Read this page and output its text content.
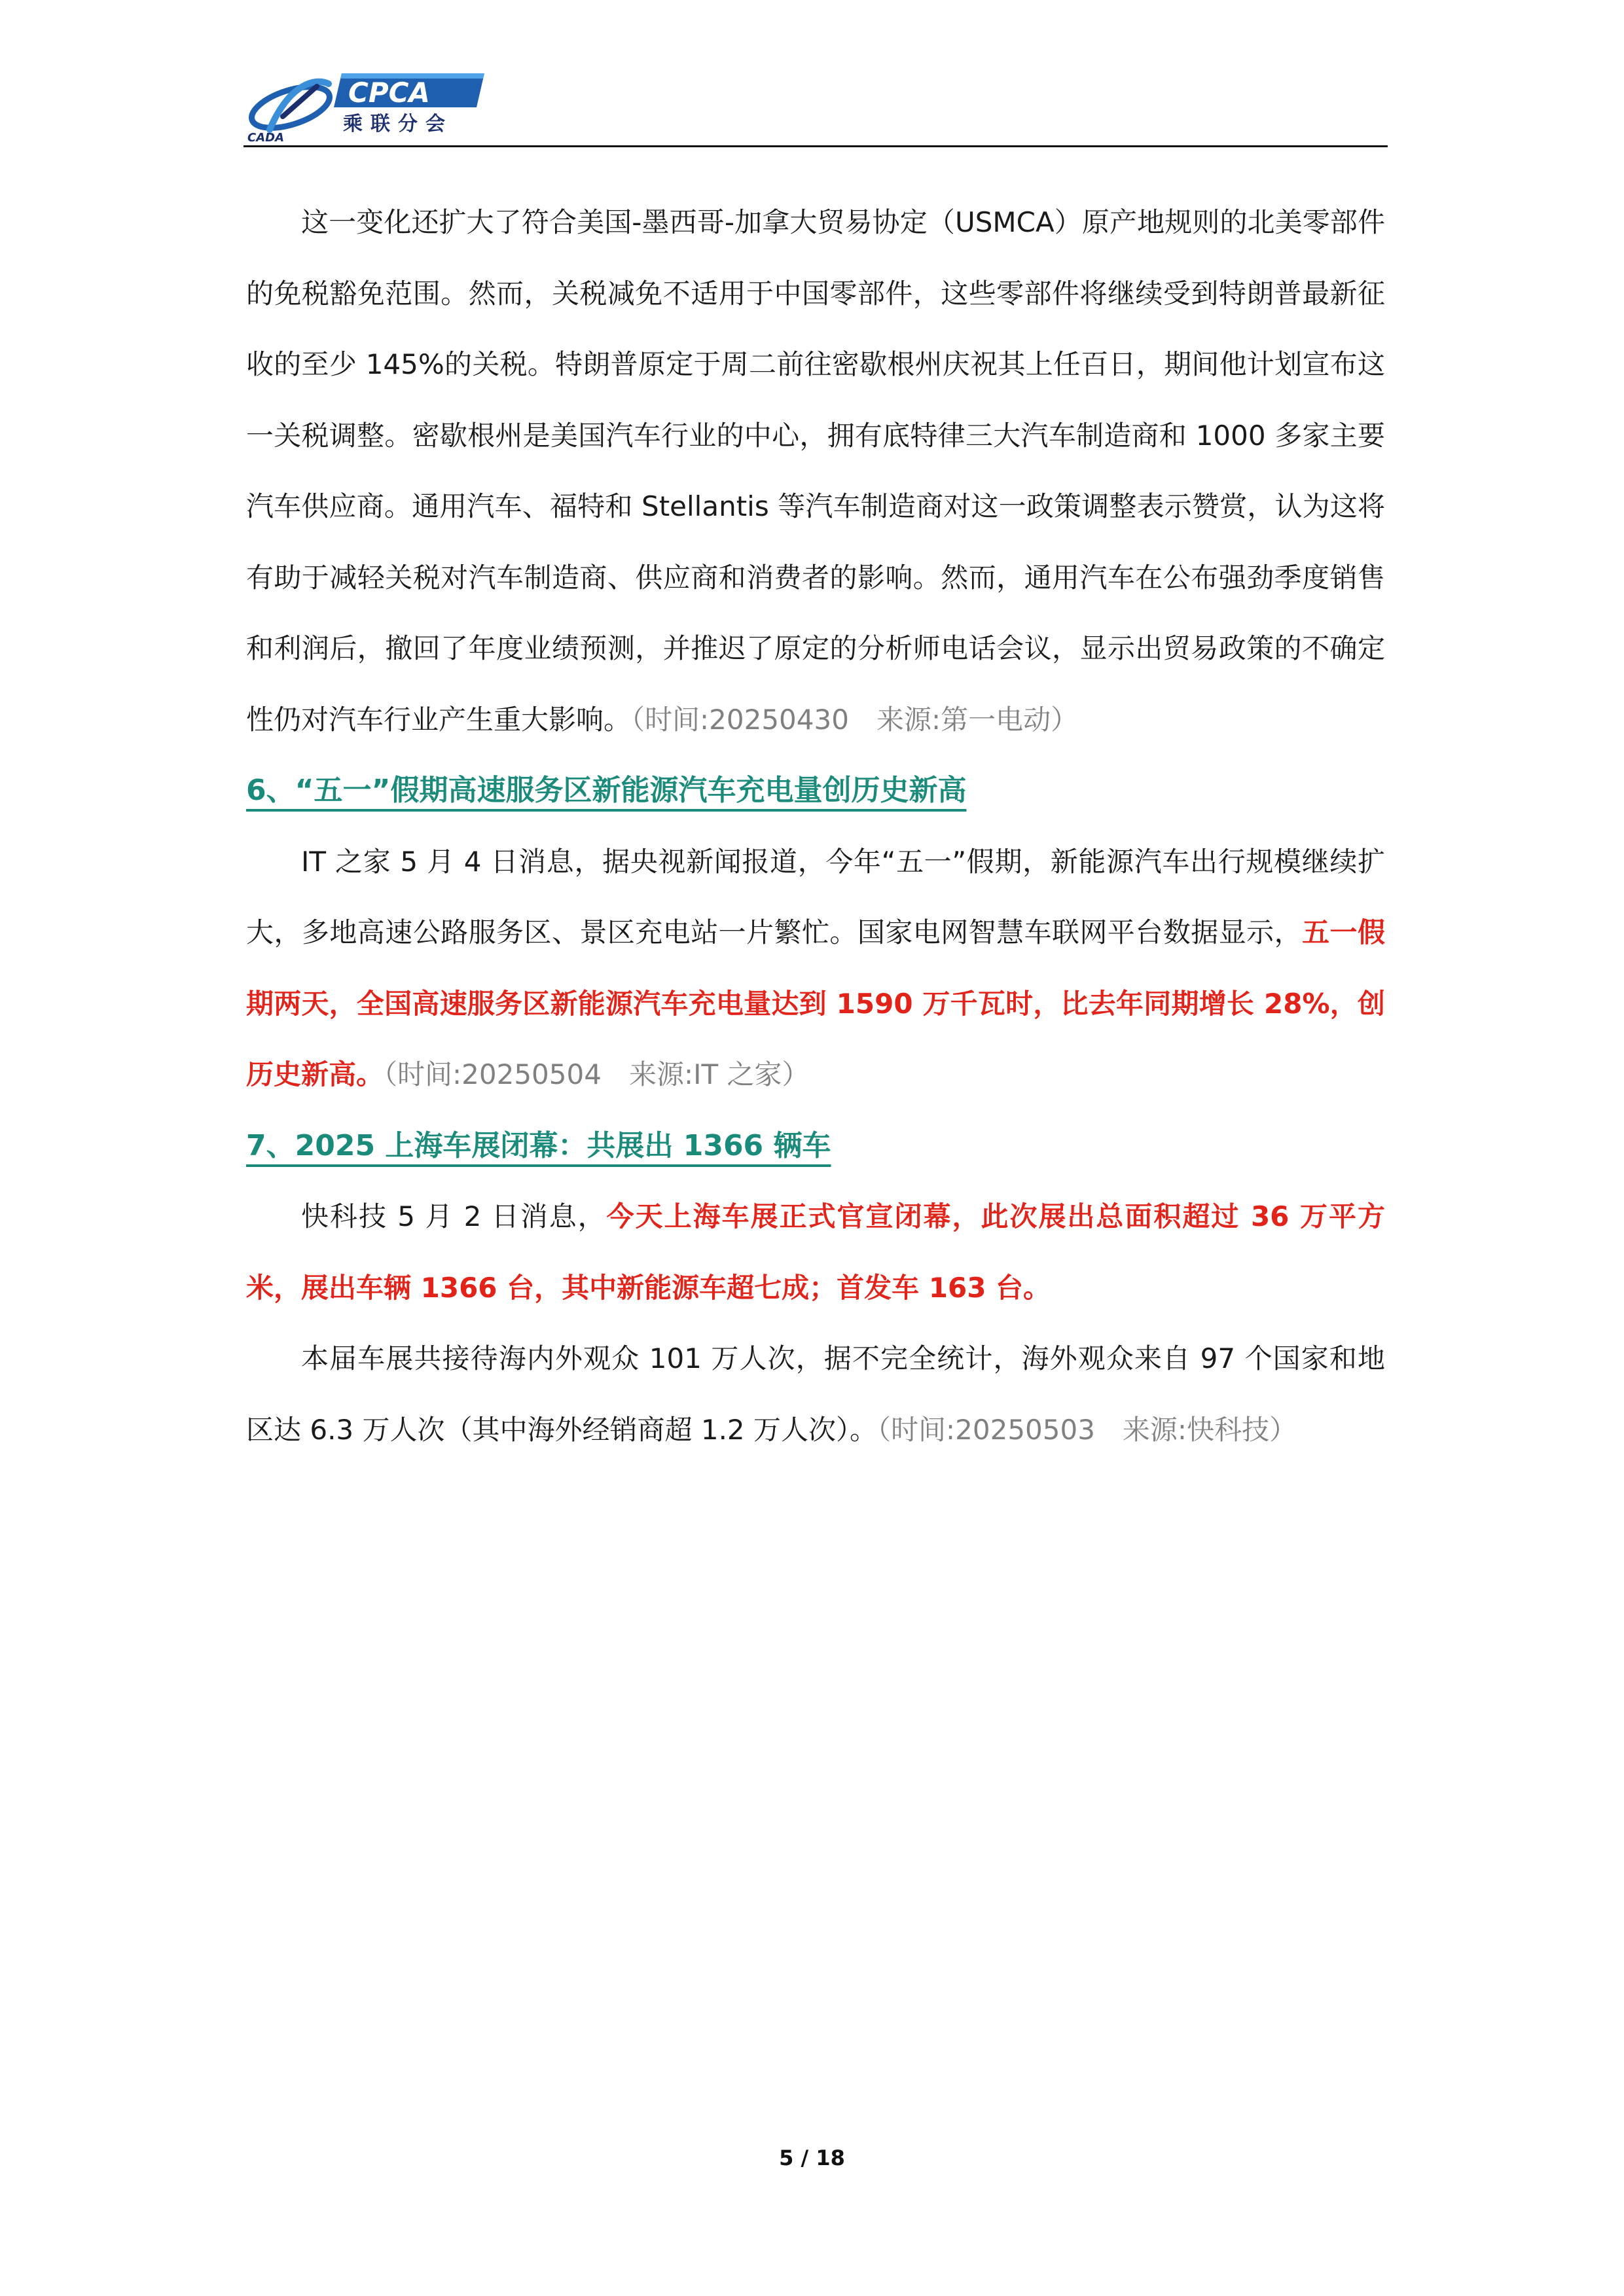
CPCA
CADA
乘联分会

这一变化还扩大了符合美国-墨西哥-加拿大贸易协定（USMCA）原产地规则的北美零部件的免税豁免范围。然而，关税减免不适用于中国零部件，这些零部件将继续受到特朗普最新征收的至少 145%的关税。特朗普原定于周二前往密歇根州庆祝其上任百日，期间他计划宣布这一关税调整。密歇根州是美国汽车行业的中心，拥有底特律三大汽车制造商和 1000 多家主要汽车供应商。通用汽车、福特和 Stellantis 等汽车制造商对这一政策调整表示赞赏，认为这将有助于减轻关税对汽车制造商、供应商和消费者的影响。然而，通用汽车在公布强劲季度销售和利润后，撤回了年度业绩预测，并推迟了原定的分析师电话会议，显示出贸易政策的不确定性仍对汽车行业产生重大影响。（时间:20250430　来源:第一电动）

6、“五一”假期高速服务区新能源汽车充电量创历史新高

IT 之家 5 月 4 日消息，据央视新闻报道，今年“五一”假期，新能源汽车出行规模继续扩大，多地高速公路服务区、景区充电站一片繁忙。国家电网智慧车联网平台数据显示，五一假期两天，全国高速服务区新能源汽车充电量达到 1590 万千瓦时，比去年同期增长 28%，创历史新高。（时间:20250504　来源:IT 之家）

7、2025 上海车展闭幕：共展出 1366 辆车

快科技 5 月 2 日消息，今天上海车展正式官宣闭幕，此次展出总面积超过 36 万平方米，展出车辆 1366 台，其中新能源车超七成；首发车 163 台。

本届车展共接待海内外观众 101 万人次，据不完全统计，海外观众来自 97 个国家和地区达 6.3 万人次（其中海外经销商超 1.2 万人次）。（时间:20250503　来源:快科技）

5 / 18
